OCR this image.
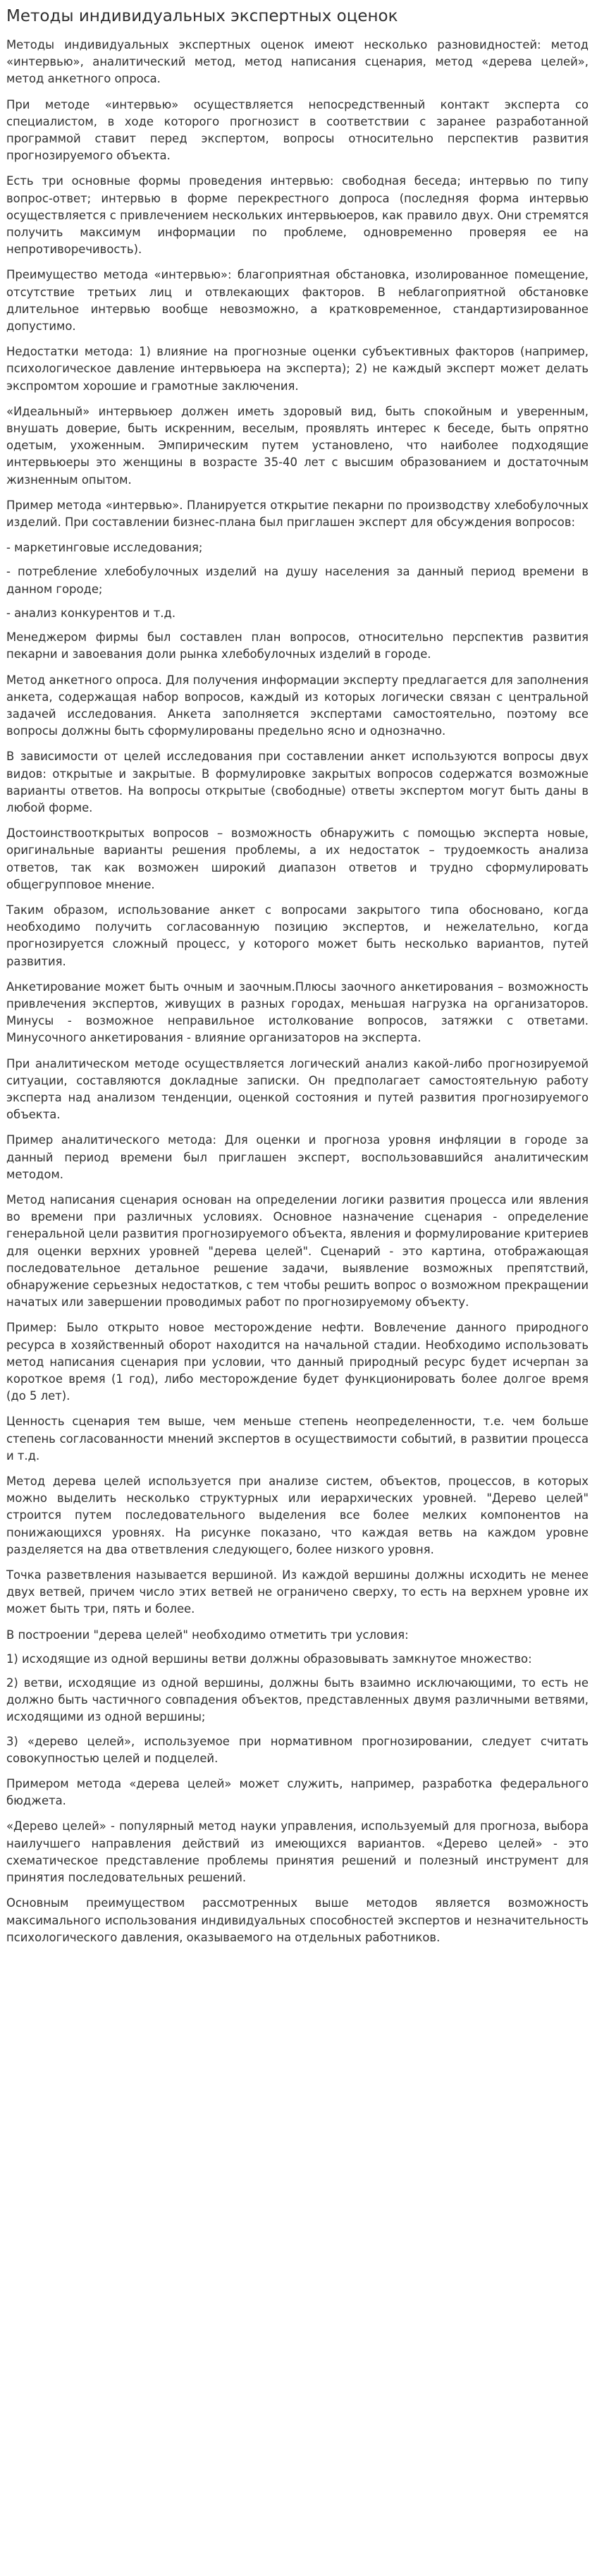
Методы индивидуальных экспертных оценок

Методы индивидуальных экспертных оценок имеют несколько разновидностей: метод «интервью», аналитический метод, метод написания сценария, метод «дерева целей», метод анкетного опроса.

При методе «интервью» осуществляется непосредственный контакт эксперта со специалистом, в ходе которого прогнозист в соответствии с заранее разработанной программой ставит перед экспертом, вопросы относительно перспектив развития прогнозируемого объекта.

Есть три основные формы проведения интервью: свободная беседа; интервью по типу вопрос-ответ; интервью в форме перекрестного допроса (последняя форма интервью осуществляется с привлечением нескольких интервьюеров, как правило двух. Они стремятся получить максимум информации по проблеме, одновременно проверяя ее на непротиворечивость).

Преимущество метода «интервью»: благоприятная обстановка, изолированное помещение, отсутствие третьих лиц и отвлекающих факторов. В неблагоприятной обстановке длительное интервью вообще невозможно, а кратковременное, стандартизированное допустимо.

Недостатки метода: 1) влияние на прогнозные оценки субъективных факторов (например, психологическое давление интервьюера на эксперта); 2) не каждый эксперт может делать экспромтом хорошие и грамотные заключения.

«Идеальный» интервьюер должен иметь здоровый вид, быть спокойным и уверенным, внушать доверие, быть искренним, веселым, проявлять интерес к беседе, быть опрятно одетым, ухоженным. Эмпирическим путем установлено, что наиболее подходящие интервьюеры это женщины в возрасте 35-40 лет с высшим образованием и достаточным жизненным опытом.

Пример метода «интервью». Планируется открытие пекарни по производству хлебобулочных изделий. При составлении бизнес-плана был приглашен эксперт для обсуждения вопросов:

- маркетинговые исследования;

- потребление хлебобулочных изделий на душу населения за данный период времени в данном городе;

- анализ конкурентов и т.д.

Менеджером фирмы был составлен план вопросов, относительно перспектив развития пекарни и завоевания доли рынка хлебобулочных изделий в городе.

Метод анкетного опроса. Для получения информации эксперту предлагается для заполнения анкета, содержащая набор вопросов, каждый из которых логически связан с центральной задачей исследования. Анкета заполняется экспертами самостоятельно, поэтому все вопросы должны быть сформулированы предельно ясно и однозначно.

В зависимости от целей исследования при составлении анкет используются вопросы двух видов: открытые и закрытые. В формулировке закрытых вопросов содержатся возможные варианты ответов. На вопросы открытые (свободные) ответы экспертом могут быть даны в любой форме.

Достоинствооткрытых вопросов – возможность обнаружить с помощью эксперта новые, оригинальные варианты решения проблемы, а их недостаток – трудоемкость анализа ответов, так как возможен широкий диапазон ответов и трудно сформулировать общегрупповое мнение.

Таким образом, использование анкет с вопросами закрытого типа обосновано, когда необходимо получить согласованную позицию экспертов, и нежелательно, когда прогнозируется сложный процесс, у которого может быть несколько вариантов, путей развития.

Анкетирование может быть очным и заочным.Плюсы заочного анкетирования – возможность привлечения экспертов, живущих в разных городах, меньшая нагрузка на организаторов. Минусы - возможное неправильное истолкование вопросов, затяжки с ответами. Минусочного анкетирования - влияние организаторов на эксперта.

При аналитическом методе осуществляется логический анализ какой-либо прогнозируемой ситуации, составляются докладные записки. Он предполагает самостоятельную работу эксперта над анализом тенденции, оценкой состояния и путей развития прогнозируемого объекта.

Пример аналитического метода: Для оценки и прогноза уровня инфляции в городе за данный период времени был приглашен эксперт, воспользовавшийся аналитическим методом.

Метод написания сценария основан на определении логики развития процесса или явления во времени при различных условиях. Основное назначение сценария - определение генеральной цели развития прогнозируемого объекта, явления и формулирование критериев для оценки верхних уровней "дерева целей". Сценарий - это картина, отображающая последовательное детальное решение задачи, выявление возможных препятствий, обнаружение серьезных недостатков, с тем чтобы решить вопрос о возможном прекращении начатых или завершении проводимых работ по прогнозируемому объекту.

Пример: Было открыто новое месторождение нефти. Вовлечение данного природного ресурса в хозяйственный оборот находится на начальной стадии. Необходимо использовать метод написания сценария при условии, что данный природный ресурс будет исчерпан за короткое время (1 год), либо месторождение будет функционировать более долгое время (до 5 лет).

Ценность сценария тем выше, чем меньше степень неопределенности, т.е. чем больше степень согласованности мнений экспертов в осуществимости событий, в развитии процесса и т.д.

Метод дерева целей используется при анализе систем, объектов, процессов, в которых можно выделить несколько структурных или иерархических уровней. "Дерево целей" строится путем последовательного выделения все более мелких компонентов на понижающихся уровнях. На рисунке показано, что каждая ветвь на каждом уровне разделяется на два ответвления следующего, более низкого уровня.

Точка разветвления называется вершиной. Из каждой вершины должны исходить не менее двух ветвей, причем число этих ветвей не ограничено сверху, то есть на верхнем уровне их может быть три, пять и более.

В построении "дерева целей" необходимо отметить три условия:

1) исходящие из одной вершины ветви должны образовывать замкнутое множество:

2) ветви, исходящие из одной вершины, должны быть взаимно исключающими, то есть не должно быть частичного совпадения объектов, представленных двумя различными ветвями, исходящими из одной вершины;

3) «дерево целей», используемое при нормативном прогнозировании, следует считать совокупностью целей и подцелей.

Примером метода «дерева целей» может служить, например, разработка федерального бюджета.

«Дерево целей» - популярный метод науки управления, используемый для прогноза, выбора наилучшего направления действий из имеющихся вариантов. «Дерево целей» - это схематическое представление проблемы принятия решений и полезный инструмент для принятия последовательных решений.

Основным преимуществом рассмотренных выше методов является возможность максимального использования индивидуальных способностей экспертов и незначительность психологического давления, оказываемого на отдельных работников.
